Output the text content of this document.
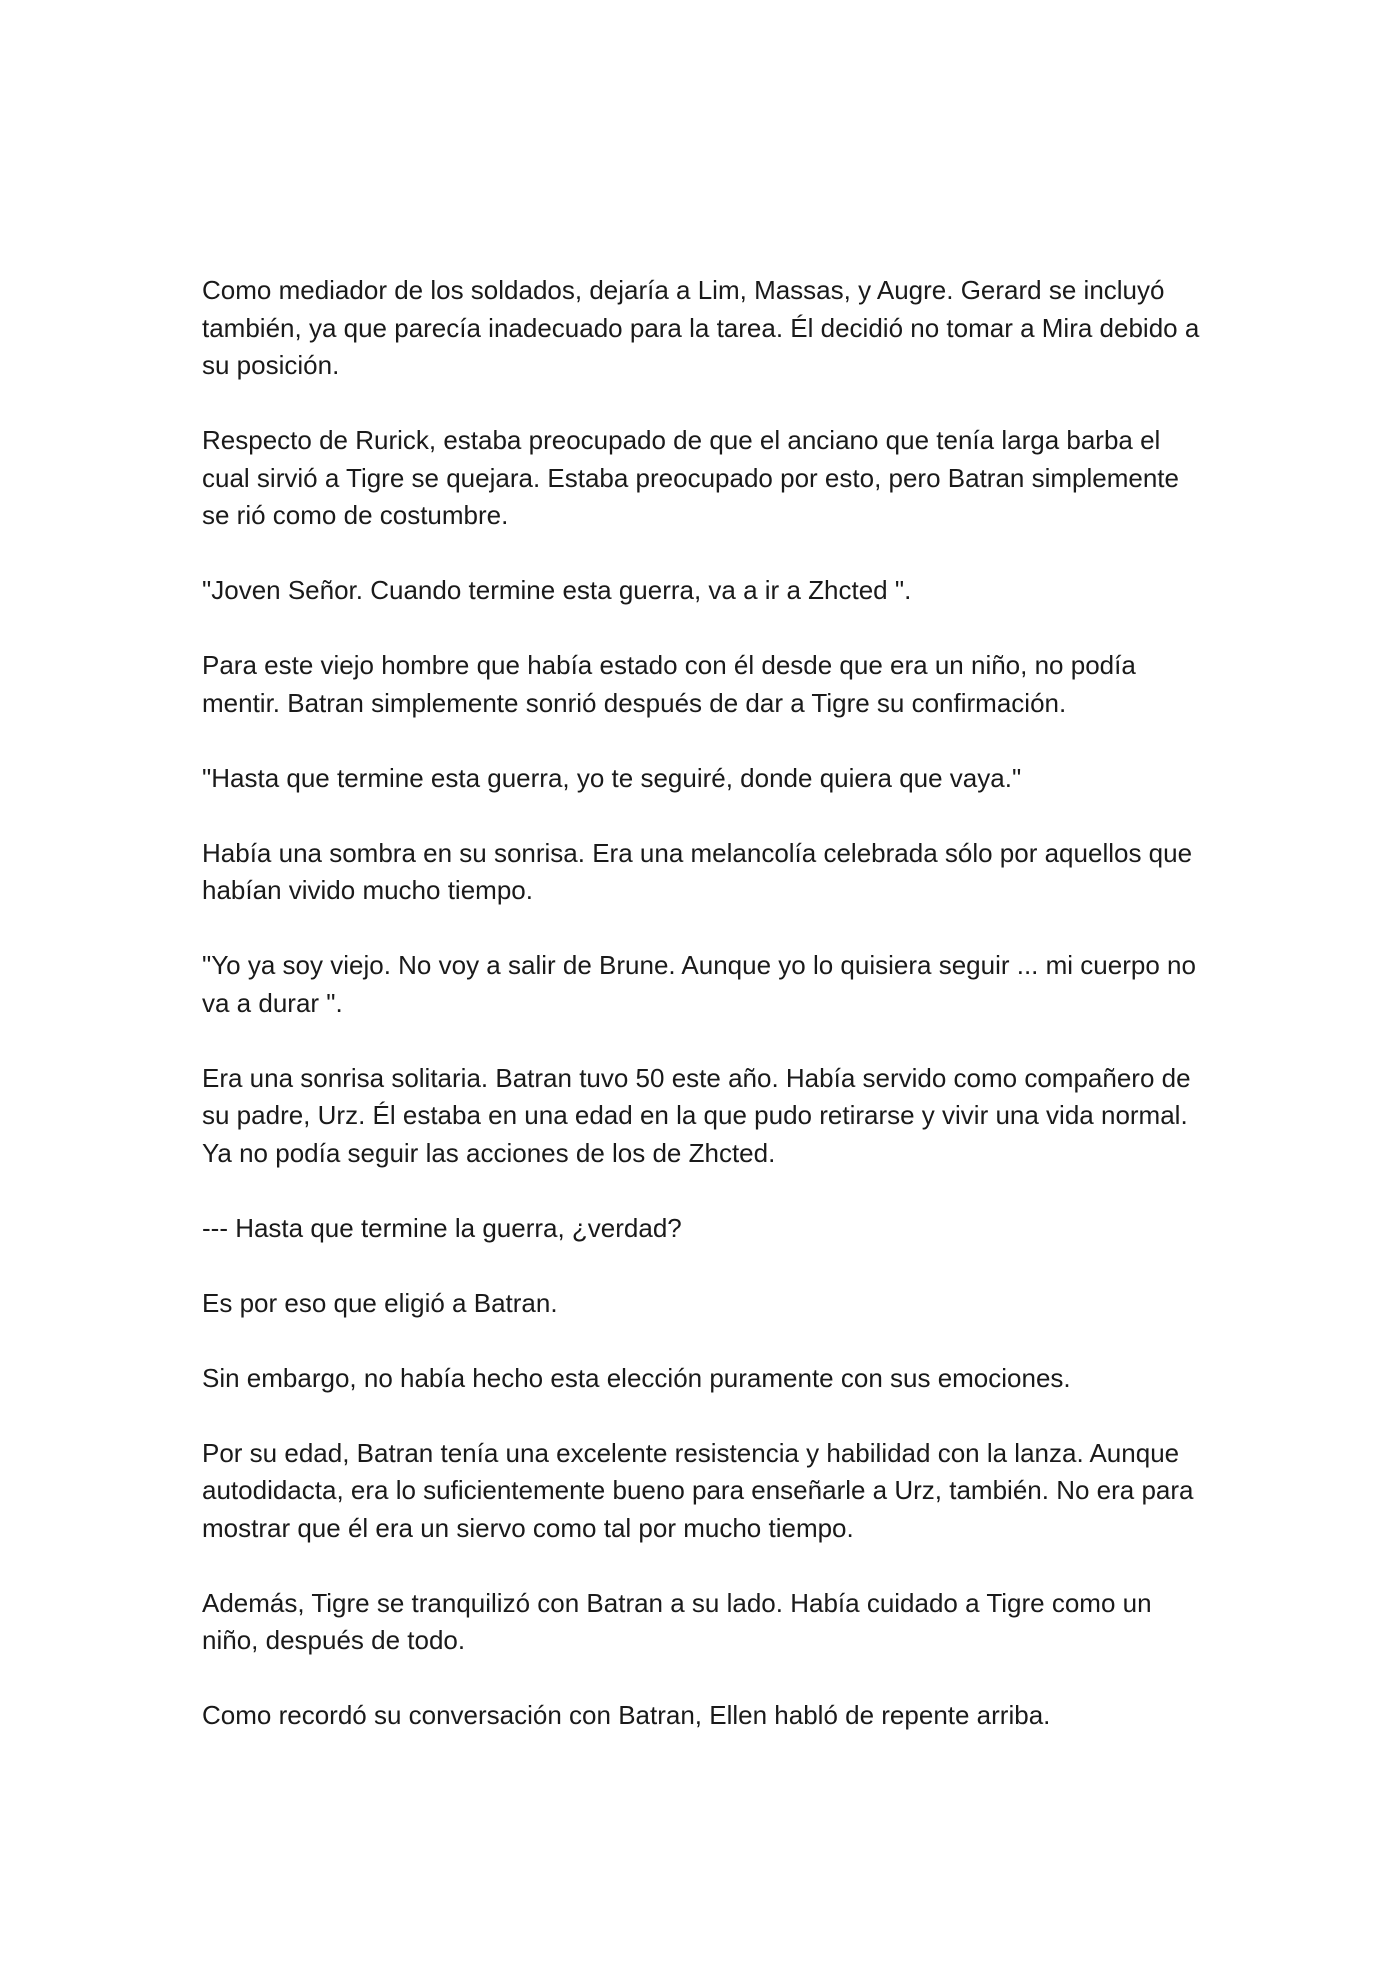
Como mediador de los soldados, dejaría a Lim, Massas, y Augre. Gerard se incluyó también, ya que parecía inadecuado para la tarea. Él decidió no tomar a Mira debido a su posición.

Respecto de Rurick, estaba preocupado de que el anciano que tenía larga barba el cual sirvió a Tigre se quejara. Estaba preocupado por esto, pero Batran simplemente se rió como de costumbre.

"Joven Señor. Cuando termine esta guerra, va a ir a Zhcted ".

Para este viejo hombre que había estado con él desde que era un niño, no podía mentir. Batran simplemente sonrió después de dar a Tigre su confirmación.

"Hasta que termine esta guerra, yo te seguiré, donde quiera que vaya."

Había una sombra en su sonrisa. Era una melancolía celebrada sólo por aquellos que habían vivido mucho tiempo.

"Yo ya soy viejo. No voy a salir de Brune. Aunque yo lo quisiera seguir ... mi cuerpo no va a durar ".

Era una sonrisa solitaria. Batran tuvo 50 este año. Había servido como compañero de su padre, Urz. Él estaba en una edad en la que pudo retirarse y vivir una vida normal. Ya no podía seguir las acciones de los de Zhcted.

--- Hasta que termine la guerra, ¿verdad?

Es por eso que eligió a Batran.

Sin embargo, no había hecho esta elección puramente con sus emociones.

Por su edad, Batran tenía una excelente resistencia y habilidad con la lanza. Aunque autodidacta, era lo suficientemente bueno para enseñarle a Urz, también. No era para mostrar que él era un siervo como tal por mucho tiempo.

Además, Tigre se tranquilizó con Batran a su lado. Había cuidado a Tigre como un niño, después de todo.

Como recordó su conversación con Batran, Ellen habló de repente arriba.
